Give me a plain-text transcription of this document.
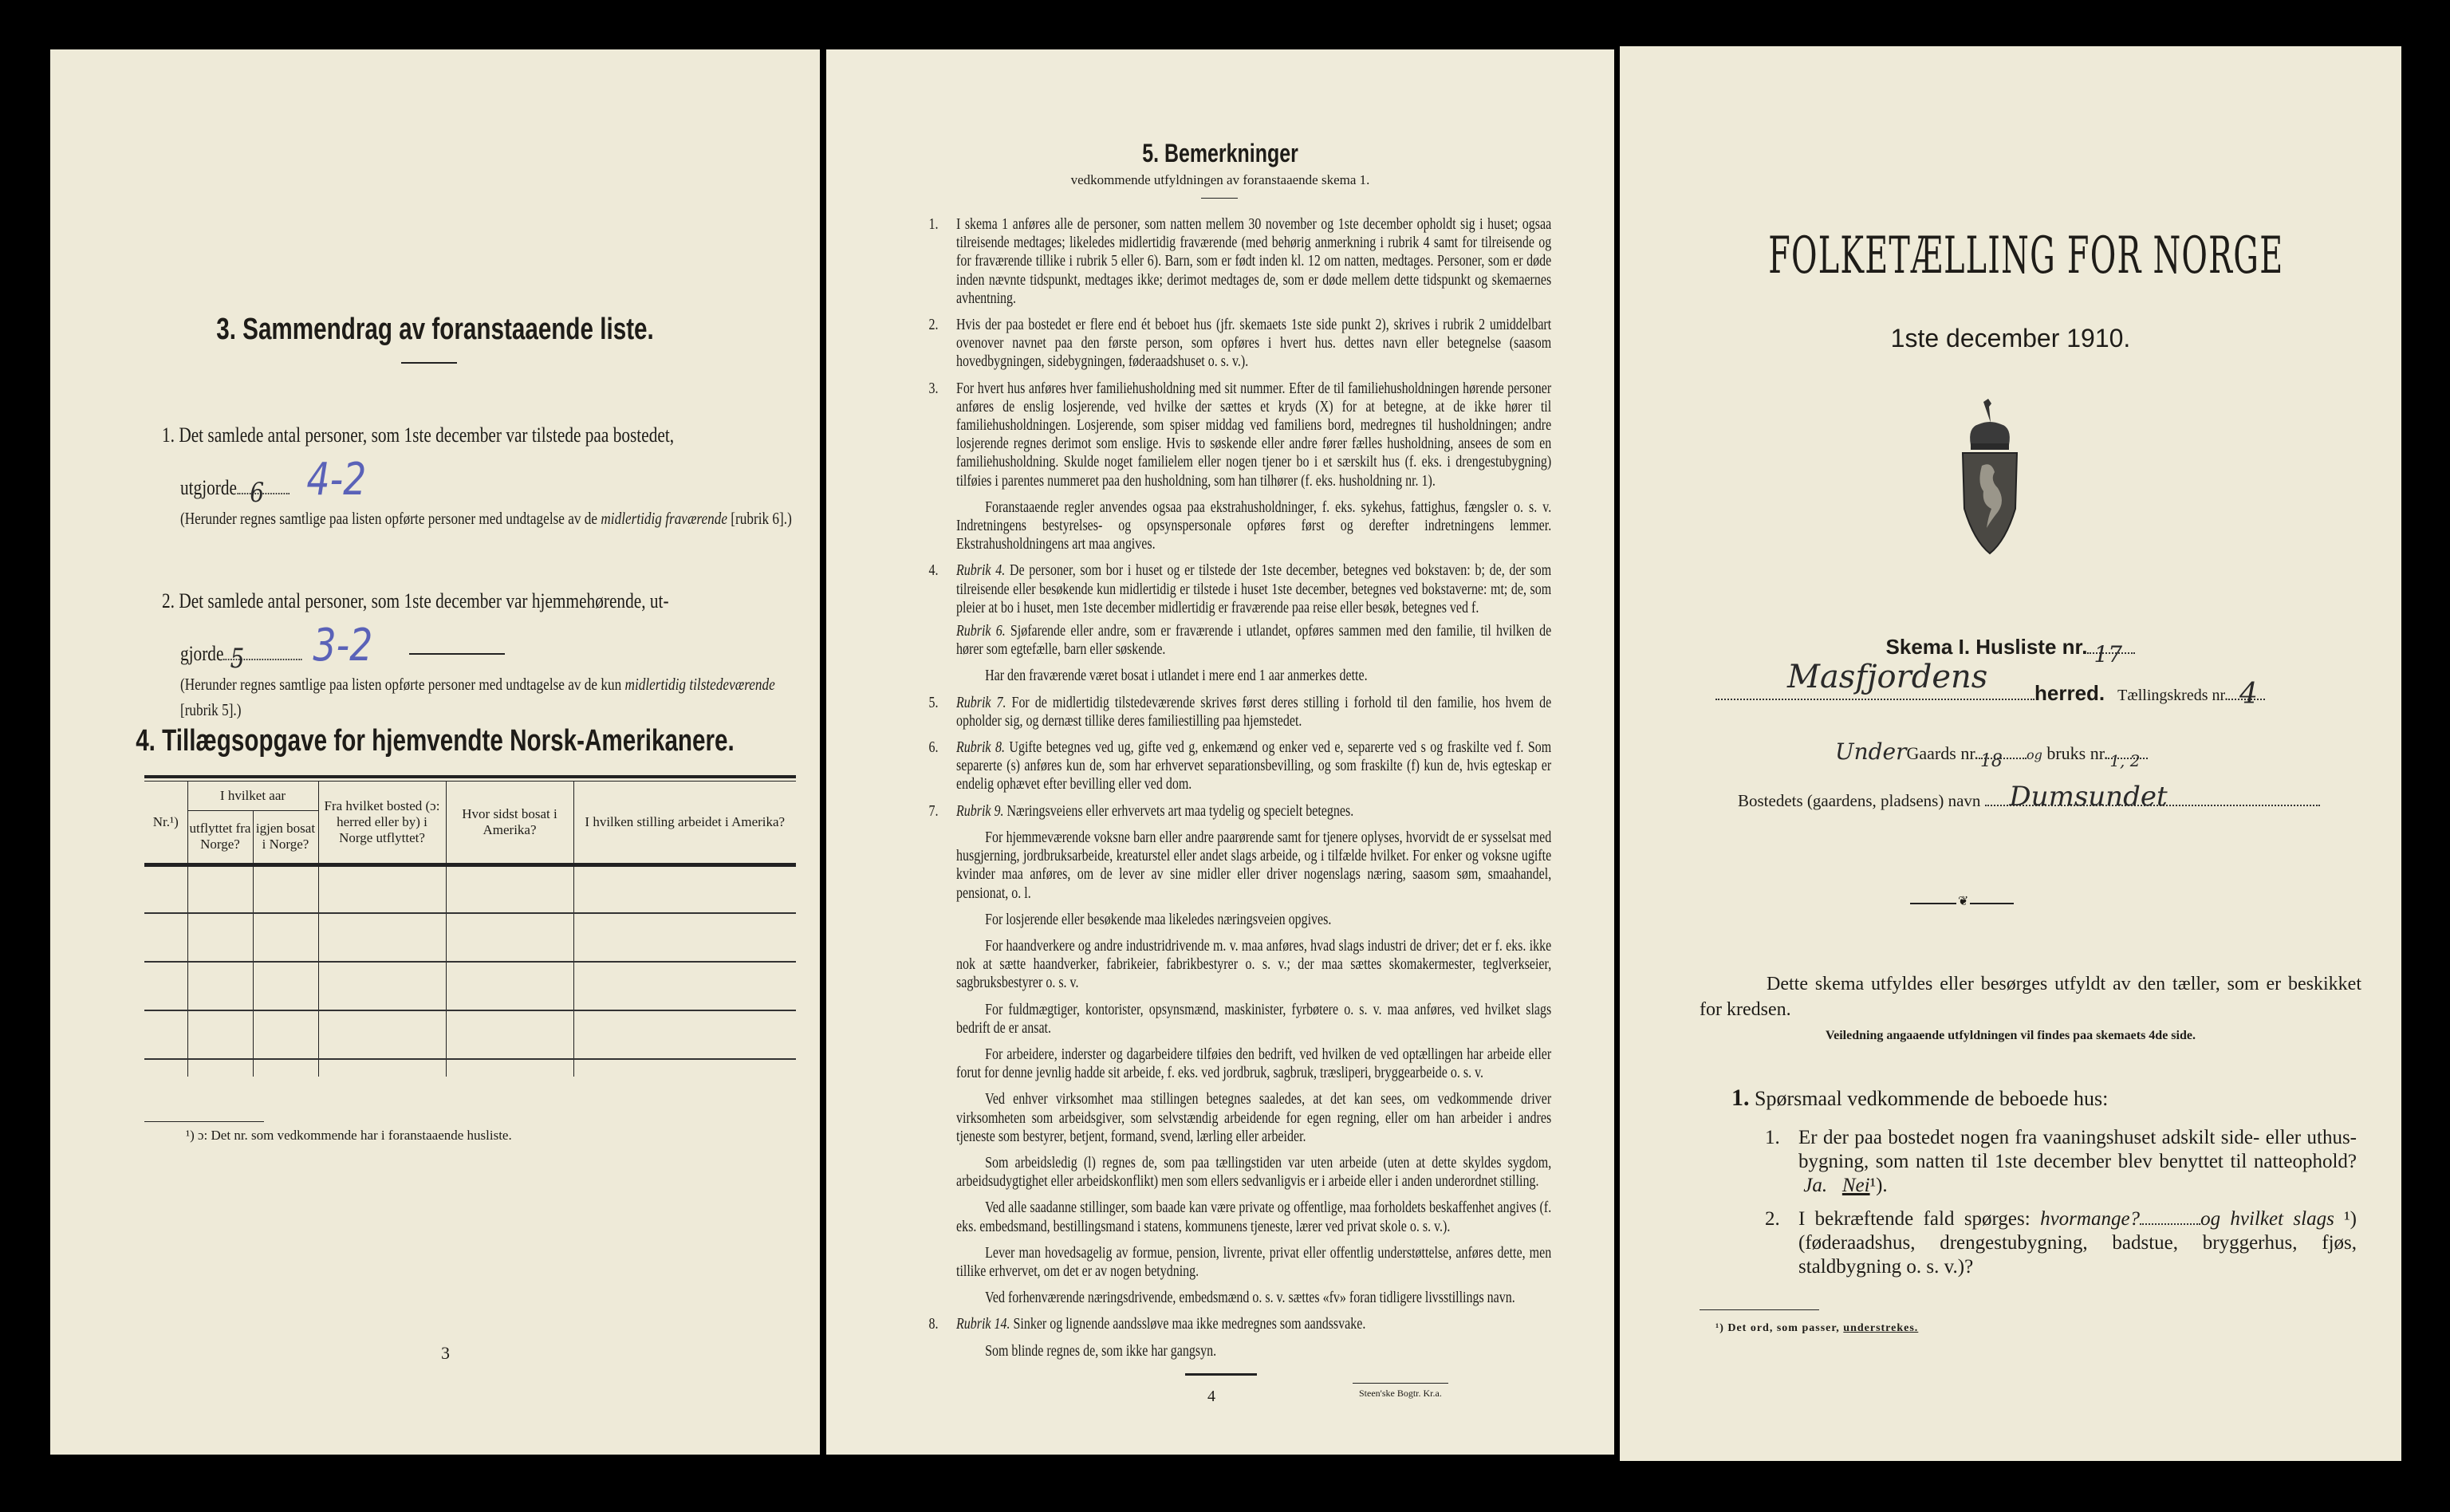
3. Sammendrag av foranstaaende liste.
1. Det samlede antal personer, som 1ste december var tilstede paa bostedet,
utgjorde 6 4-2
(Herunder regnes samtlige paa listen opførte personer med undtagelse av de midlertidig fraværende [rubrik 6].)
2. Det samlede antal personer, som 1ste december var hjemmehørende, ut-
gjorde 5 3-2
(Herunder regnes samtlige paa listen opførte personer med undtagelse av de kun midlertidig tilstedeværende [rubrik 5].)
4. Tillægsopgave for hjemvendte Norsk-Amerikanere.
Nr.¹)	I hvilket aar		Fra hvilket bosted (ɔ: herred eller by) i Norge utflyttet?	Hvor sidst bosat i Amerika?	I hvilken stilling arbeidet i Amerika?
	utflyttet fra Norge?	igjen bosat i Norge?			

¹) ɔ: Det nr. som vedkommende har i foranstaaende husliste.
3
5. Bemerkninger
vedkommende utfyldningen av foranstaaende skema 1.
1. I skema 1 anføres alle de personer, som natten mellem 30 november og 1ste december opholdt sig i huset; ogsaa tilreisende medtages; likeledes midlertidig fraværende (med behørig anmerkning i rubrik 4 samt for tilreisende og for fraværende tillike i rubrik 5 eller 6). Barn, som er født inden kl. 12 om natten, medtages. Personer, som er døde inden nævnte tidspunkt, medtages ikke; derimot medtages de, som er døde mellem dette tidspunkt og skemaernes avhentning.
2. Hvis der paa bostedet er flere end ét beboet hus (jfr. skemaets 1ste side punkt 2), skrives i rubrik 2 umiddelbart ovenover navnet paa den første person, som opføres i hvert hus. dettes navn eller betegnelse (saasom hovedbygningen, sidebygningen, føderaadshuset o. s. v.).
3. For hvert hus anføres hver familiehusholdning med sit nummer. Efter de til familiehusholdningen hørende personer anføres de enslig losjerende, ved hvilke der sættes et kryds (X) for at betegne, at de ikke hører til familiehusholdningen. Losjerende, som spiser middag ved familiens bord, medregnes til husholdningen; andre losjerende regnes derimot som enslige. Hvis to søskende eller andre fører fælles husholdning, ansees de som en familiehusholdning. Skulde noget familielem eller nogen tjener bo i et særskilt hus (f. eks. i drengestubygning) tilføies i parentes nummeret paa den husholdning, som han tilhører (f. eks. husholdning nr. 1).
Foranstaaende regler anvendes ogsaa paa ekstrahusholdninger, f. eks. sykehus, fattighus, fængsler o. s. v. Indretningens bestyrelses- og opsynspersonale opføres først og derefter indretningens lemmer. Ekstrahusholdningens art maa angives.
4. Rubrik 4. De personer, som bor i huset og er tilstede der 1ste december, betegnes ved bokstaven: b; de, der som tilreisende eller besøkende kun midlertidig er tilstede i huset 1ste december, betegnes ved bokstaverne: mt; de, som pleier at bo i huset, men 1ste december midlertidig er fraværende paa reise eller besøk, betegnes ved f.
Rubrik 6. Sjøfarende eller andre, som er fraværende i utlandet, opføres sammen med den familie, til hvilken de hører som egtefælle, barn eller søskende.
Har den fraværende været bosat i utlandet i mere end 1 aar anmerkes dette.
5. Rubrik 7. For de midlertidig tilstedeværende skrives først deres stilling i forhold til den familie, hos hvem de opholder sig, og dernæst tillike deres familiestilling paa hjemstedet.
6. Rubrik 8. Ugifte betegnes ved ug, gifte ved g, enkemænd og enker ved e, separerte ved s og fraskilte ved f. Som separerte (s) anføres kun de, som har erhvervet separationsbevilling, og som fraskilte (f) kun de, hvis egteskap er endelig ophævet efter bevilling eller ved dom.
7. Rubrik 9. Næringsveiens eller erhvervets art maa tydelig og specielt betegnes.
For hjemmeværende voksne barn eller andre paarørende samt for tjenere oplyses, hvorvidt de er sysselsat med husgjerning, jordbruksarbeide, kreaturstel eller andet slags arbeide, og i tilfælde hvilket. For enker og voksne ugifte kvinder maa anføres, om de lever av sine midler eller driver nogenslags næring, saasom søm, smaahandel, pensionat, o. l.
For losjerende eller besøkende maa likeledes næringsveien opgives.
For haandverkere og andre industridrivende m. v. maa anføres, hvad slags industri de driver; det er f. eks. ikke nok at sætte haandverker, fabrikeier, fabrikbestyrer o. s. v.; der maa sættes skomakermester, teglverkseier, sagbruksbestyrer o. s. v.
For fuldmægtiger, kontorister, opsynsmænd, maskinister, fyrbøtere o. s. v. maa anføres, ved hvilket slags bedrift de er ansat.
For arbeidere, inderster og dagarbeidere tilføies den bedrift, ved hvilken de ved optællingen har arbeide eller forut for denne jevnlig hadde sit arbeide, f. eks. ved jordbruk, sagbruk, træsliperi, bryggearbeide o. s. v.
Ved enhver virksomhet maa stillingen betegnes saaledes, at det kan sees, om vedkommende driver virksomheten som arbeidsgiver, som selvstændig arbeidende for egen regning, eller om han arbeider i andres tjeneste som bestyrer, betjent, formand, svend, lærling eller arbeider.
Som arbeidsledig (l) regnes de, som paa tællingstiden var uten arbeide (uten at dette skyldes sygdom, arbeidsudygtighet eller arbeidskonflikt) men som ellers sedvanligvis er i arbeide eller i anden underordnet stilling.
Ved alle saadanne stillinger, som baade kan være private og offentlige, maa forholdets beskaffenhet angives (f. eks. embedsmand, bestillingsmand i statens, kommunens tjeneste, lærer ved privat skole o. s. v.).
Lever man hovedsagelig av formue, pension, livrente, privat eller offentlig understøttelse, anføres dette, men tillike erhvervet, om det er av nogen betydning.
Ved forhenværende næringsdrivende, embedsmænd o. s. v. sættes «fv» foran tidligere livsstillings navn.
8. Rubrik 14. Sinker og lignende aandssløve maa ikke medregnes som aandssvake.
Som blinde regnes de, som ikke har gangsyn.
4	Steen'ske Bogtr. Kr.a.
FOLKETÆLLING FOR NORGE
1ste december 1910.
Skema I. Husliste nr. 17
Masfjordens herred. Tællingskreds nr. 4
UnderGaards nr. 18 og bruks nr. 1, 2
Bostedets (gaardens, pladsens) navn Dumsundet
❦
Dette skema utfyldes eller besørges utfyldt av den tæller, som er beskikket for kredsen.
Veiledning angaaende utfyldningen vil findes paa skemaets 4de side.
1. Spørsmaal vedkommende de beboede hus:
1. Er der paa bostedet nogen fra vaaningshuset adskilt side- eller uthus-bygning, som natten til 1ste december blev benyttet til natteophold?  Ja. Nei¹).
2. I bekræftende fald spørges: hvormange?	og hvilket slags ¹) (føderaadshus, drengestubygning, badstue, bryggerhus, fjøs, staldbygning o. s. v.)?
¹) Det ord, som passer, understrekes.
